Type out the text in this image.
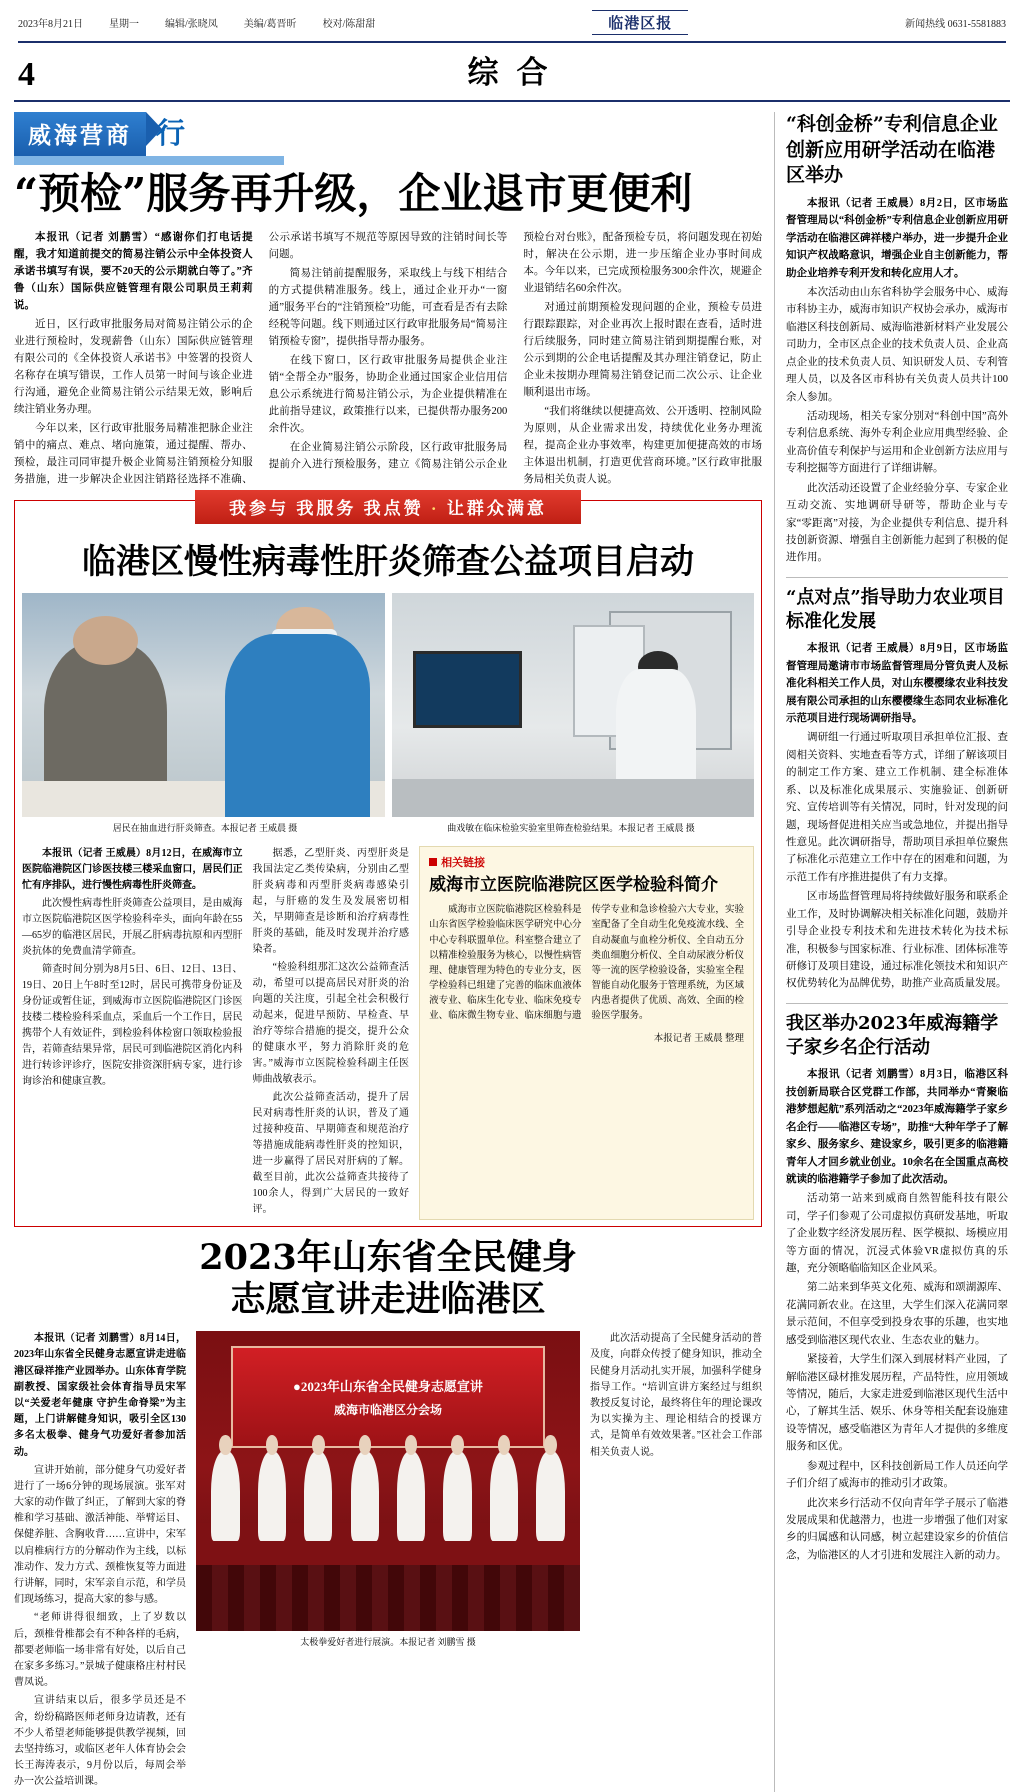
2023年8月21日	星期一	编辑/张晓凤	美编/葛晋昕	校对/陈甜甜	临港区报	新闻热线 0631-5581883
4	综合
威海营商 行
“预检”服务再升级，企业退市更便利

本报讯（记者 刘鹏雪）“感谢你们打电话提醒，我才知道前提交的简易注销公示中全体投资人承诺书填写有误，要不20天的公示期就白等了。”齐鲁（山东）国际供应链管理有限公司职员王莉莉说。

近日，区行政审批服务局对简易注销公示的企业进行预检时，发现薪鲁（山东）国际供应链管理有限公司的《全体投资人承诺书》中签署的投资人名称存在填写错误，工作人员第一时间与该企业进行沟通，避免企业简易注销公示结果无效，影响后续注销业务办理。

今年以来，区行政审批服务局精准把脉企业注销中的痛点、难点、堵向施策，通过提醒、帮办、预检，最注司同审提升极企业简易注销预检分知服务措施，进一步解决企业因注销路径选择不准确、公示承诺书填写不规范等原因导致的注销时间长等问题。

简易注销前提醒服务，采取线上与线下相结合的方式提供精准服务。线上，通过企业开办“一窗通”服务平台的“注销预检”功能，可查看是否有去除经税等问题。线下则通过区行政审批服务局“简易注销预检专窗”，提供指导帮办服务。

在线下窗口，区行政审批服务局提供企业注销“全帮全办”服务，协助企业通过国家企业信用信息公示系统进行简易注销公示，为企业提供精准在此前指导建议，政策推行以来，已提供帮办服务200余件次。

在企业简易注销公示阶段，区行政审批服务局提前介入进行预检服务，建立《简易注销公示企业预检台对台账》，配备预检专员，将问题发现在初始时，解决在公示期，进一步压缩企业办事时间成本。今年以来，已完成预检服务300余件次，规避企业退销结名60余件次。

对通过前期预检发现问题的企业，预检专员进行跟踪跟踪，对企业再次上报时跟在查看，适时进行后续服务，同时建立简易注销到期提醒台账，对公示到期的公企电话提醒及其办理注销登记，防止企业未按期办理简易注销登记而二次公示、让企业顺利退出市场。

“我们将继续以便捷高效、公开透明、控制风险为原则，从企业需求出发，持续优化业务办理流程，提高企业办事效率，构建更加便捷高效的市场主体退出机制，打造更优营商环境。”区行政审批服务局相关负责人说。

我参与 我服务 我点赞 · 让群众满意
临港区慢性病毒性肝炎筛查公益项目启动
居民在抽血进行肝炎筛查。本报记者 王威晨 摄	曲戏敏在临床检验实验室里筛查检验结果。本报记者 王威晨 摄

本报讯（记者 王威晨）8月12日，在威海市立医院临港院区门诊医技楼三楼采血窗口，居民们正忙有序排队，进行慢性病毒性肝炎筛查。

此次慢性病毒性肝炎筛查公益项目，是由威海市立医院临港院区医学检验科牵头，面向年龄在55—65岁的临港区居民，开展乙肝病毒抗原和丙型肝炎抗体的免费血清学筛查。

筛查时间分别为8月5日、6日、12日、13日、19日、20日上午8时至12时，居民可携带身份证及身份证或暂住证，到威海市立医院临港院区门诊医技楼二楼检验科采血点，采血后一个工作日，居民携带个人有效证件，到检验科体检窗口领取检验报告，若筛查结果异常，居民可到临港院区消化内科进行转诊评诊疗，医院安排资深肝病专家，进行诊询诊治和健康宣教。

据悉，乙型肝炎、丙型肝炎是我国法定乙类传染病，分别由乙型肝炎病毒和丙型肝炎病毒感染引起，与肝癌的发生及发展密切相关，早期筛查是诊断和治疗病毒性肝炎的基础，能及时发现并治疗感染者。

“检验科组那汇这次公益筛查活动，希望可以提高居民对肝炎的治向题的关注度，引起全社会积极行动起来，促进早预防、早检查、早治疗等综合措施的提交，提升公众的健康水平，努力消除肝炎的危害。”威海市立医院检验科副主任医师曲战敏表示。

此次公益筛查活动，提升了居民对病毒性肝炎的认识，普及了通过接种疫苗、早期筛查和规范治疗等措施成能病毒性肝炎的控知识，进一步赢得了居民对肝病的了解。截至目前，此次公益筛查共接待了100余人，得到广大居民的一致好评。

相关链接
威海市立医院临港院区医学检验科简介

威海市立医院临港院区检验科是山东省医学检验临床医学研究中心分中心专科联盟单位。科室整合建立了以精准检验服务为核心，以慢性病管理、健康管理为特色的专业分支，医学检验科已组建了完善的临床血液体液专业、临床生化专业、临床免疫专业、临床微生物专业、临床细胞与遗传学专业和急诊检验六大专业，实验室配备了全自动生化免疫流水线、全自动凝血与血栓分析仪、全自动五分类血细胞分析仪、全自动尿液分析仪等一流的医学检验设备，实验室全程智能自动化服务于管理系统，为区域内患者提供了优质、高效、全面的检验医学服务。

本报记者 王威晨 整理
2023年山东省全民健身
志愿宣讲走进临港区

本报讯（记者 刘鹏雪）8月14日，2023年山东省全民健身志愿宣讲走进临港区碌祥推产业园举办。山东体育学院副教授、国家级社会体育指导员宋军以“关爱老年健康 守护生命脊梁”为主题，上门讲解健身知识，吸引全区130多名太极拳、健身气功爱好者参加活动。

宣讲开始前，部分健身气功爱好者进行了一场6分钟的现场展演。张军对大家的动作做了纠正，了解到大家的脊椎和学习基础、激活神能、举臂运目、保健养脏、含胸收背……宣讲中，宋军以肩椎病行方的分解动作为主线，以标准动作、发力方式、颈椎恢复等力面进行讲解，同时，宋军亲自示范，和学员们现场练习，提高大家的参与感。

“老师讲得很细致，上了岁数以后，颈椎骨椎都会有不种各样的毛病，都要老师临一场非常有好处，以后自己在家多多练习。”景城子健康格庄村村民曹凤说。

宣讲结束以后，很多学员还是不舍，纷纷稿路医师老师身边请教，还有不少人希望老师能够提供教学视频，回去坚持练习，或临区老年人体育协会会长王海涛表示，9月份以后，每周会举办一次公益培训课。

●2023年山东省全民健身志愿宣讲
威海市临港区分会场
太极拳爱好者进行展演。本报记者 刘鹏雪 摄

此次活动提高了全民健身活动的普及度，向群众传授了健身知识，推动全民健身月活动扎实开展，加强科学健身指导工作。“培训宣讲方案经过与组织教授反复讨论，最终将住年的理论课改为以实操为主、理论相结合的授课方式，是简单有效效果著。”区社会工作部相关负责人说。

“科创金桥”专利信息企业创新应用研学活动在临港区举办

本报讯（记者 王威晨）8月2日，区市场监督管理局以“科创金桥”专利信息企业创新应用研学活动在临港区碑祥楼户举办，进一步提升企业知识产权战略意识，增强企业自主创新能力，帮助企业培养专利开发和转化应用人才。

本次活动由山东省科协学会服务中心、威海市科协主办，威海市知识产权协会承办，威海市临港区科技创新局、威海临港新材料产业发展公司助力，全市区点企业的技术负责人员、企业高点企业的技术负责人员、知识研发人员、专利管理人员，以及各区市科协有关负责人员共计100余人参加。

活动现场，相关专家分别对“科创中国”高外专利信息系统、海外专利企业应用典型经验、企业高价值专利保护与运用和企业创新方法应用与专利挖掘等方面进行了详细讲解。

此次活动还设置了企业经验分享、专家企业互动交流、实地调研导研等，帮助企业与专家“零距离”对接，为企业提供专利信息、提升科技创新资源、增强自主创新能力起到了积极的促进作用。

“点对点”指导助力农业项目标准化发展

本报讯（记者 王威晨）8月9日，区市场监督管理局邀请市市场监督管理局分管负责人及标准化科相关工作人员，对山东樱樱缘农业科技发展有限公司承担的山东樱樱缘生态同农业标准化示范项目进行现场调研指导。

调研组一行通过听取项目承担单位汇报、查阅相关资料、实地查看等方式，详细了解该项目的制定工作方案、建立工作机制、建全标准体系、以及标准化成果展示、实施验证、创新研究、宣传培训等有关情况，同时，针对发现的问题，现场督促进相关应当或急地位，并提出指导性意见。此次调研指导，帮助项目承担单位聚焦了标准化示范建立工作中存在的困难和问题，为示范工作有序推进提供了有力支撑。

区市场监督管理局将持续做好服务和联系企业工作，及时协调解决相关标准化问题，鼓励并引导企业投专利技术和先进技术转化为技术标准，积极参与国家标准、行业标准、团体标准等研修订及项目建设，通过标准化领技术和知识产权优势转化为品牌优势，助推产业高质量发展。

我区举办2023年威海籍学子家乡名企行活动

本报讯（记者 刘鹏雪）8月3日，临港区科技创新局联合区党群工作部，共同举办“青聚临港梦想起航”系列活动之“2023年威海籍学子家乡名企行——临港区专场”，助推“大种年学子了解家乡、服务家乡、建设家乡，吸引更多的临港籍青年人才回乡就业创业。10余名在全国重点高校就读的临港籍学子参加了此次活动。

活动第一站来到威商自然智能科技有限公司，学子们参观了公司虚拟仿真研发基地，听取了企业数字经济发展历程、医学模拟、场模应用等方面的情况，沉浸式体验VR虚拟仿真的乐趣，充分领略临临知区企业风采。

第二站来到华英文化苑、威海和颂湖源库、花满同新农业。在这里，大学生们深入花满同翠景示范间，不但享受到投身农事的乐趣，也实地感受到临港区现代农业、生态农业的魅力。

紧接着，大学生们深入到展材料产业园，了解临港区碌材推发展历程，产品特性，应用领域等情况，随后，大家走进爱到临港区现代生活中心，了解其生活、娱乐、休身等相关配套设施建设等情况，感受临港区为青年人才提供的多维度服务和区优。

参观过程中，区科技创新局工作人员还向学子们介绍了威海市的推动引才政策。

此次来乡行活动不仅向青年学子展示了临港发展成果和优越潜力，也进一步增强了他们对家乡的归属感和认同感，树立起建设家乡的价值信念，为临港区的人才引进和发展注入新的动力。
